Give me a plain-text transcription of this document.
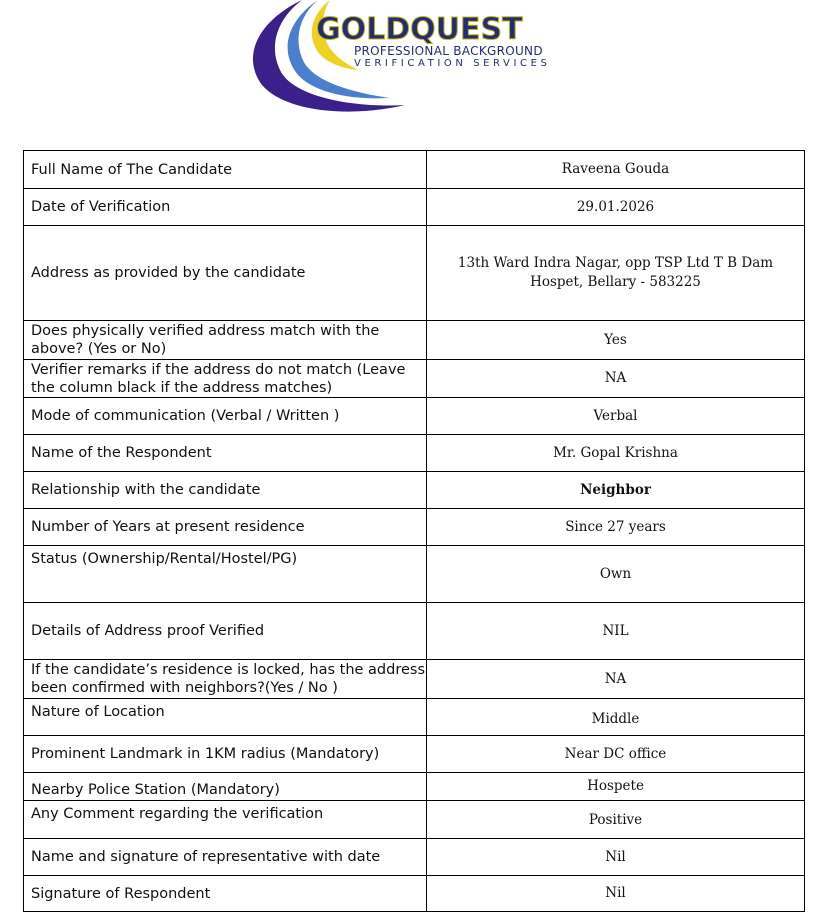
GOLDQUEST
PROFESSIONAL BACKGROUND
VERIFICATION SERVICES
Full Name of The Candidate	Raveena Gouda
Date of Verification	29.01.2026
Address as provided by the candidate	13th Ward Indra Nagar, opp TSP Ltd T B Dam Hospet, Bellary - 583225
Does physically verified address match with the above? (Yes or No)	Yes
Verifier remarks if the address do not match (Leave the column black if the address matches)	NA
Mode of communication (Verbal / Written )	Verbal
Name of the Respondent	Mr. Gopal Krishna
Relationship with the candidate	Neighbor
Number of Years at present residence	Since 27 years
Status (Ownership/Rental/Hostel/PG)	Own
Details of Address proof Verified	NIL
If the candidate’s residence is locked, has the address been confirmed with neighbors?(Yes / No )	NA
Nature of Location	Middle
Prominent Landmark in 1KM radius (Mandatory)	Near DC office
Nearby Police Station (Mandatory)	Hospete
Any Comment regarding the verification	Positive
Name and signature of representative with date	Nil
Signature of Respondent	Nil
